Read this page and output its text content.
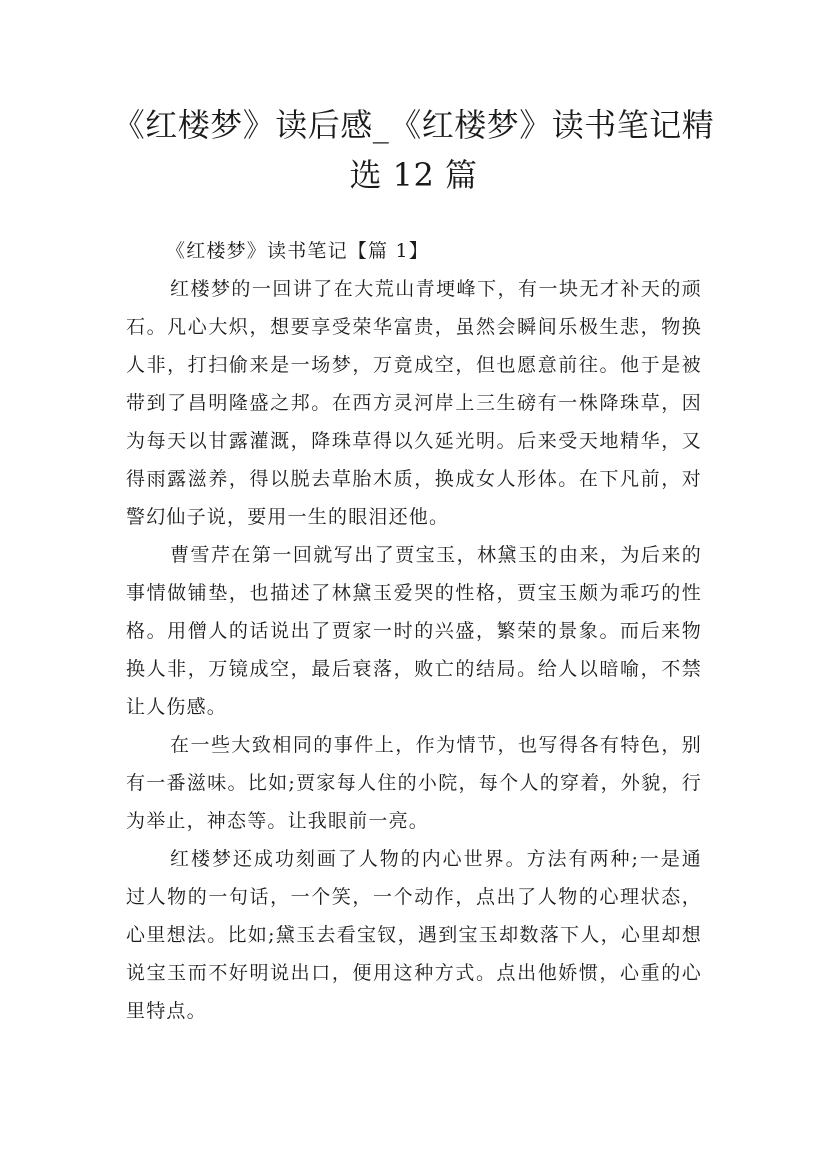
《红楼梦》读后感_《红楼梦》读书笔记精
选 12 篇

《红楼梦》读书笔记【篇 1】

红楼梦的一回讲了在大荒山青埂峰下，有一块无才补天的顽石。凡心大炽，想要享受荣华富贵，虽然会瞬间乐极生悲，物换人非，打扫偷来是一场梦，万竟成空，但也愿意前往。他于是被带到了昌明隆盛之邦。在西方灵河岸上三生磅有一株降珠草，因为每天以甘露灌溉，降珠草得以久延光明。后来受天地精华，又得雨露滋养，得以脱去草胎木质，换成女人形体。在下凡前，对警幻仙子说，要用一生的眼泪还他。

曹雪芹在第一回就写出了贾宝玉，林黛玉的由来，为后来的事情做铺垫，也描述了林黛玉爱哭的性格，贾宝玉颇为乖巧的性格。用僧人的话说出了贾家一时的兴盛，繁荣的景象。而后来物换人非，万镜成空，最后衰落，败亡的结局。给人以暗喻，不禁让人伤感。

在一些大致相同的事件上，作为情节，也写得各有特色，别有一番滋味。比如;贾家每人住的小院，每个人的穿着，外貌，行为举止，神态等。让我眼前一亮。

红楼梦还成功刻画了人物的内心世界。方法有两种;一是通过人物的一句话，一个笑，一个动作，点出了人物的心理状态，心里想法。比如;黛玉去看宝钗，遇到宝玉却数落下人，心里却想说宝玉而不好明说出口，便用这种方式。点出他娇惯，心重的心里特点。
